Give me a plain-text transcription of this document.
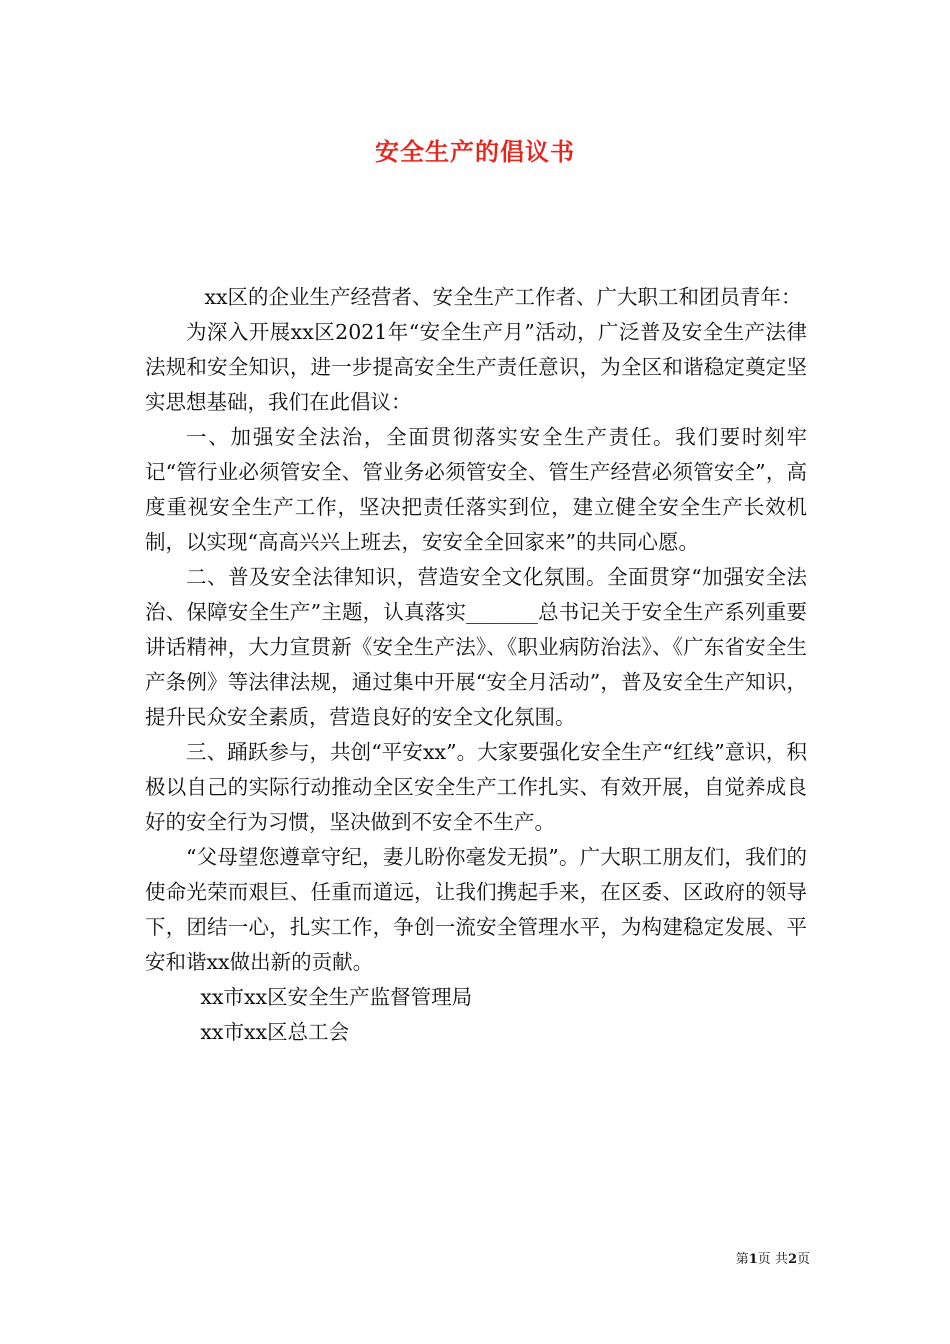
安全生产的倡议书

xx区的企业生产经营者、安全生产工作者、广大职工和团员青年：

为深入开展xx区2021年“安全生产月”活动，广泛普及安全生产法律法规和安全知识，进一步提高安全生产责任意识，为全区和谐稳定奠定坚实思想基础，我们在此倡议：

一、加强安全法治，全面贯彻落实安全生产责任。我们要时刻牢记“管行业必须管安全、管业务必须管安全、管生产经营必须管安全”，高度重视安全生产工作，坚决把责任落实到位，建立健全安全生产长效机制，以实现“高高兴兴上班去，安安全全回家来”的共同心愿。

二、普及安全法律知识，营造安全文化氛围。全面贯穿“加强安全法治、保障安全生产”主题，认真落实_______总书记关于安全生产系列重要讲话精神，大力宣贯新《安全生产法》、《职业病防治法》、《广东省安全生产条例》等法律法规，通过集中开展“安全月活动”，普及安全生产知识，提升民众安全素质，营造良好的安全文化氛围。

三、踊跃参与，共创“平安xx”。大家要强化安全生产“红线”意识，积极以自己的实际行动推动全区安全生产工作扎实、有效开展，自觉养成良好的安全行为习惯，坚决做到不安全不生产。

“父母望您遵章守纪，妻儿盼你毫发无损”。广大职工朋友们，我们的使命光荣而艰巨、任重而道远，让我们携起手来，在区委、区政府的领导下，团结一心，扎实工作，争创一流安全管理水平，为构建稳定发展、平安和谐xx做出新的贡献。

xx市xx区安全生产监督管理局

xx市xx区总工会

第1页 共2页
